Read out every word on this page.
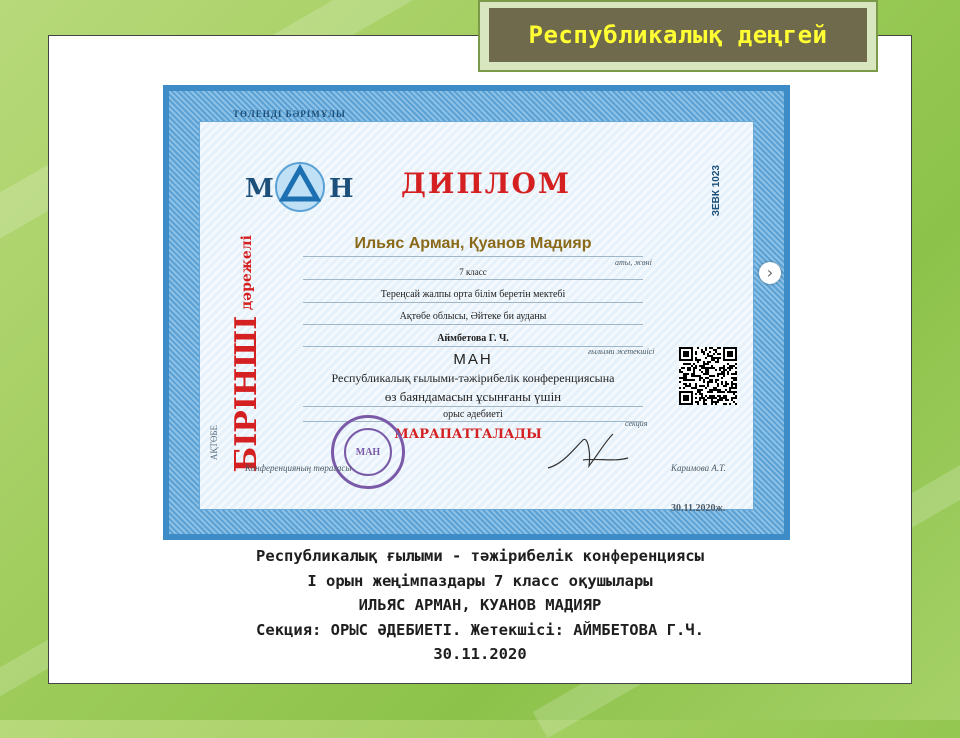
Республикалық деңгей
ТӨЛЕНДІ БӘРІМҰЛЫ
М Н ДИПЛОМ	ЗЕВК 1023
БІРІНШІ дәрежелі
АҚТӨБЕ
Ильяс Арман, Қуанов Мадияр
аты, жөні
7 класс
Тереңсай жалпы орта білім беретін мектебі
Ақтөбе облысы, Әйтеке би ауданы
Аймбетова Г. Ч.
ғылыми жетекшісі
МАН
Республикалық ғылыми-тәжірибелік конференциясына
өз баяндамасын ұсынғаны үшін
орыс әдебиеті
секция
МАРАПАТТАЛАДЫ
МАН
Конференцияның төрағасы	Каримова А.Т.
30.11.2020ж.
›
Республикалық ғылыми - тәжірибелік конференциясы
I орын жеңімпаздары 7 класс оқушылары
ИЛЬЯС АРМАН, КУАНОВ МАДИЯР
Секция: ОРЫС ӘДЕБИЕТІ. Жетекшісі: АЙМБЕТОВА Г.Ч.
30.11.2020
